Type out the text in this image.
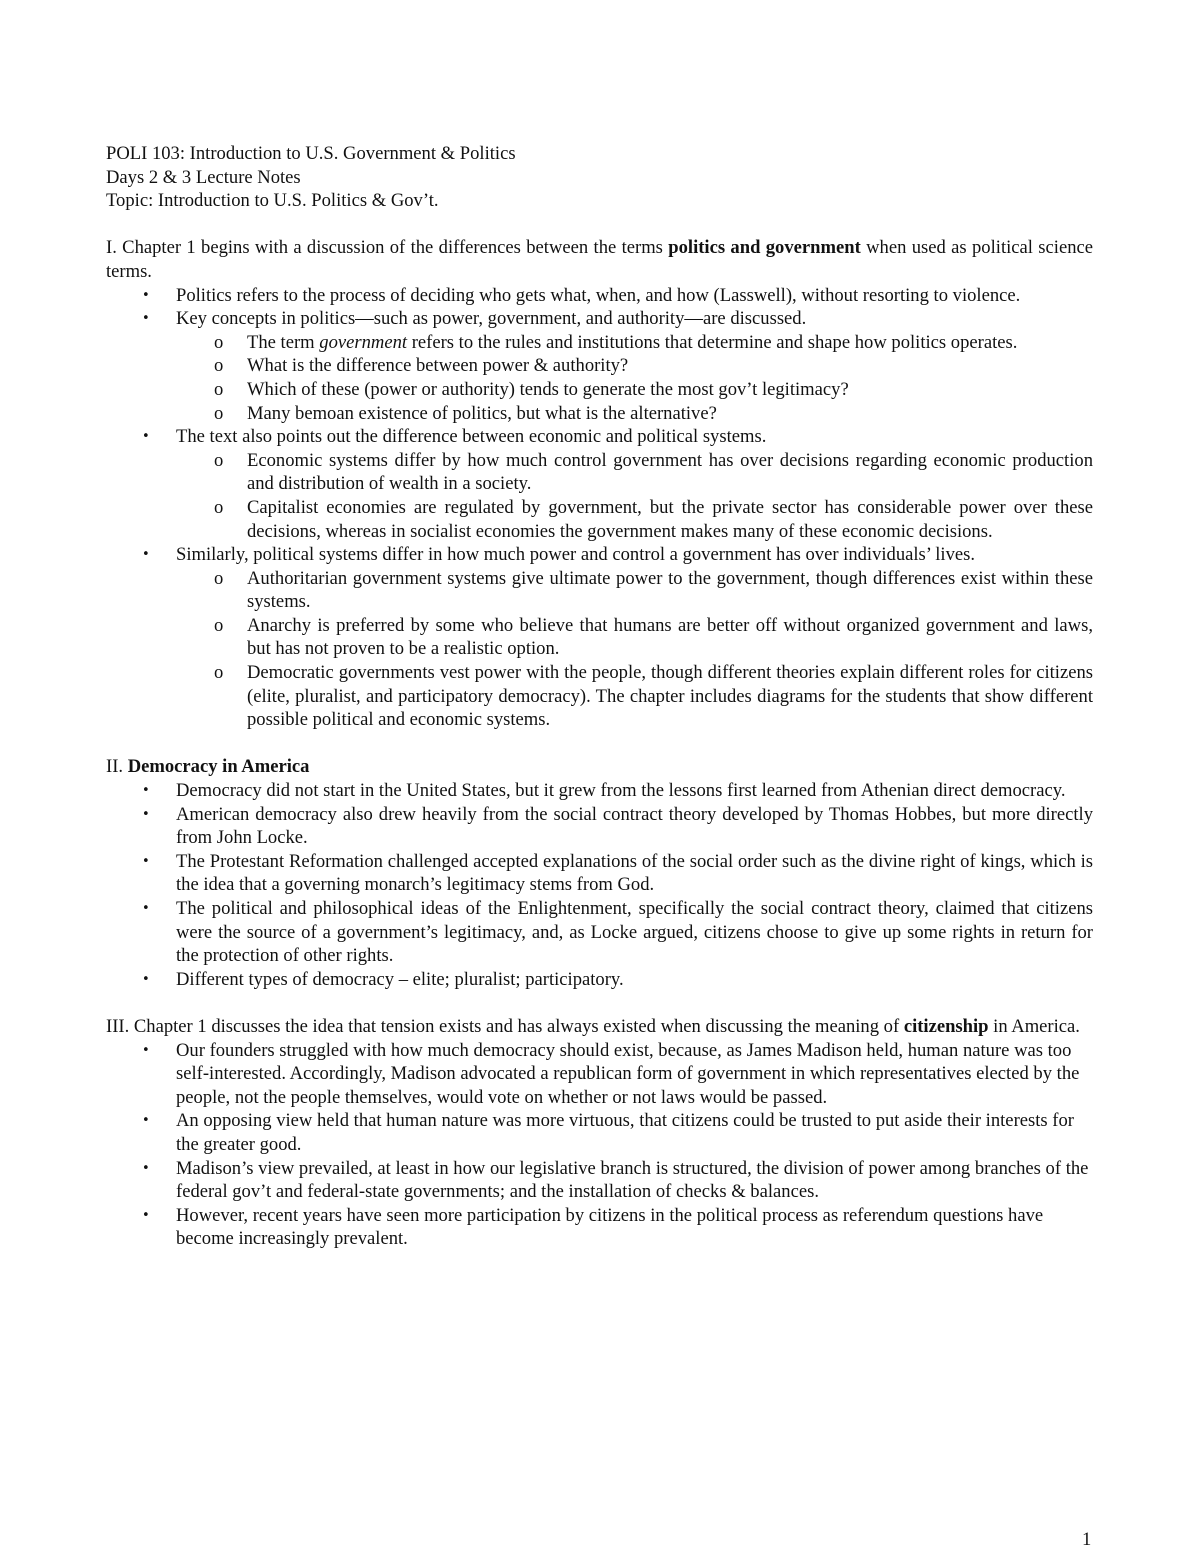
POLI 103: Introduction to U.S. Government & Politics
Days 2 & 3 Lecture Notes
Topic: Introduction to U.S. Politics & Gov’t.
I. Chapter 1 begins with a discussion of the differences between the terms politics and government when used as political science terms.
• Politics refers to the process of deciding who gets what, when, and how (Lasswell), without resorting to violence.
• Key concepts in politics—such as power, government, and authority—are discussed.
o The term government refers to the rules and institutions that determine and shape how politics operates.
o What is the difference between power & authority?
o Which of these (power or authority) tends to generate the most gov’t legitimacy?
o Many bemoan existence of politics, but what is the alternative?
• The text also points out the difference between economic and political systems.
o Economic systems differ by how much control government has over decisions regarding economic production and distribution of wealth in a society.
o Capitalist economies are regulated by government, but the private sector has considerable power over these decisions, whereas in socialist economies the government makes many of these economic decisions.
• Similarly, political systems differ in how much power and control a government has over individuals’ lives.
o Authoritarian government systems give ultimate power to the government, though differences exist within these systems.
o Anarchy is preferred by some who believe that humans are better off without organized government and laws, but has not proven to be a realistic option.
o Democratic governments vest power with the people, though different theories explain different roles for citizens (elite, pluralist, and participatory democracy). The chapter includes diagrams for the students that show different possible political and economic systems.
II. Democracy in America
• Democracy did not start in the United States, but it grew from the lessons first learned from Athenian direct democracy.
• American democracy also drew heavily from the social contract theory developed by Thomas Hobbes, but more directly from John Locke.
• The Protestant Reformation challenged accepted explanations of the social order such as the divine right of kings, which is the idea that a governing monarch’s legitimacy stems from God.
• The political and philosophical ideas of the Enlightenment, specifically the social contract theory, claimed that citizens were the source of a government’s legitimacy, and, as Locke argued, citizens choose to give up some rights in return for the protection of other rights.
• Different types of democracy – elite; pluralist; participatory.
III. Chapter 1 discusses the idea that tension exists and has always existed when discussing the meaning of citizenship in America.
• Our founders struggled with how much democracy should exist, because, as James Madison held, human nature was too self-interested. Accordingly, Madison advocated a republican form of government in which representatives elected by the people, not the people themselves, would vote on whether or not laws would be passed.
• An opposing view held that human nature was more virtuous, that citizens could be trusted to put aside their interests for the greater good.
• Madison’s view prevailed, at least in how our legislative branch is structured, the division of power among branches of the federal gov’t and federal-state governments; and the installation of checks & balances.
• However, recent years have seen more participation by citizens in the political process as referendum questions have become increasingly prevalent.
1
